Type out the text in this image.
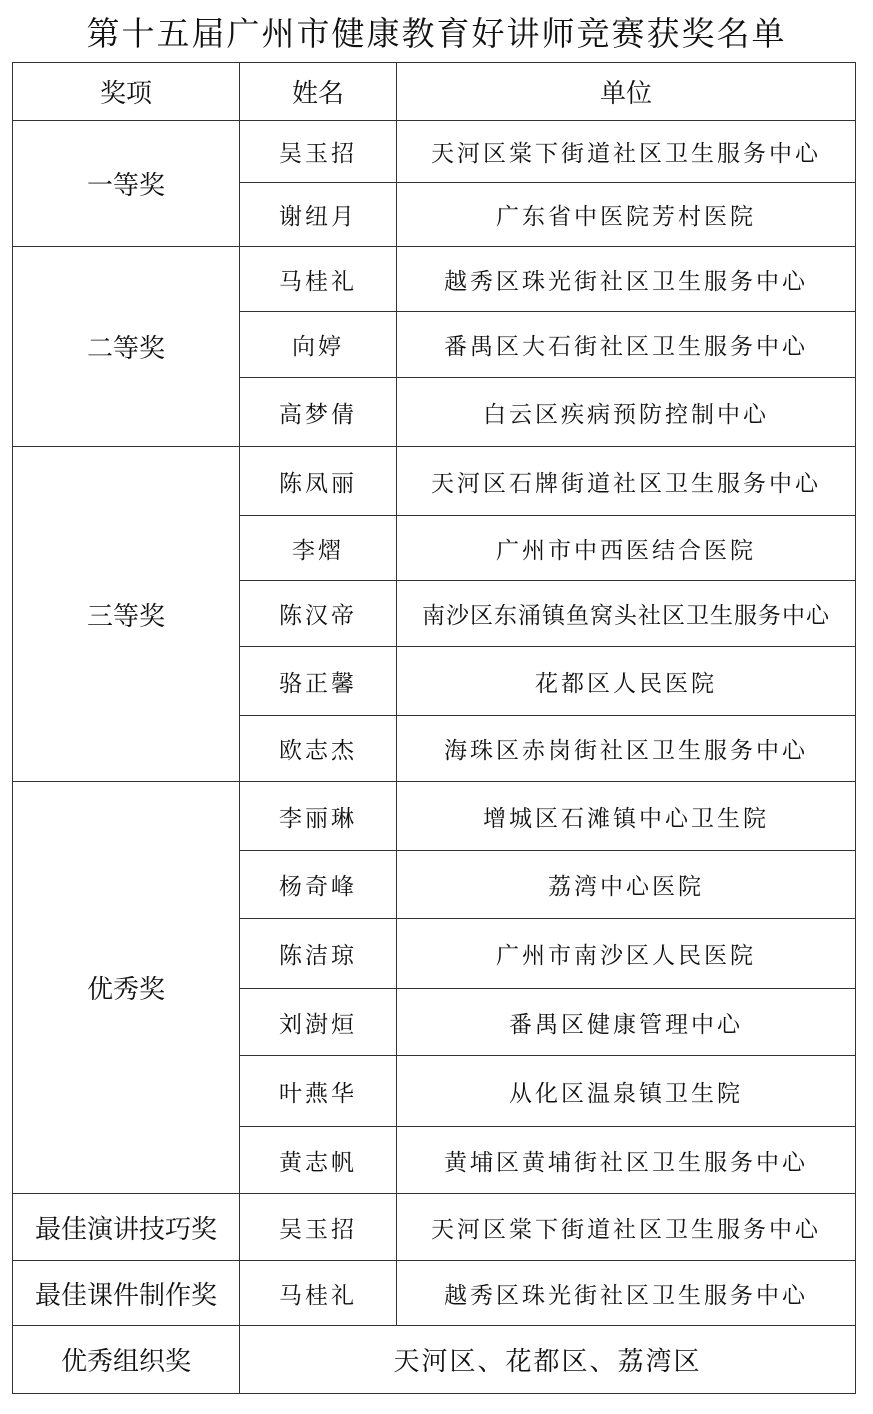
第十五届广州市健康教育好讲师竞赛获奖名单
奖项	姓名	单位
一等奖	吴玉招	天河区棠下街道社区卫生服务中心
	谢纽月	广东省中医院芳村医院
二等奖	马桂礼	越秀区珠光街社区卫生服务中心
	向婷	番禺区大石街社区卫生服务中心
	高梦倩	白云区疾病预防控制中心
三等奖	陈凤丽	天河区石牌街道社区卫生服务中心
	李熠	广州市中西医结合医院
	陈汉帝	南沙区东涌镇鱼窝头社区卫生服务中心
	骆正馨	花都区人民医院
	欧志杰	海珠区赤岗街社区卫生服务中心
优秀奖	李丽琳	增城区石滩镇中心卫生院
	杨奇峰	荔湾中心医院
	陈洁琼	广州市南沙区人民医院
	刘澍烜	番禺区健康管理中心
	叶燕华	从化区温泉镇卫生院
	黄志帆	黄埔区黄埔街社区卫生服务中心
最佳演讲技巧奖	吴玉招	天河区棠下街道社区卫生服务中心
最佳课件制作奖	马桂礼	越秀区珠光街社区卫生服务中心
优秀组织奖	天河区、花都区、荔湾区	
